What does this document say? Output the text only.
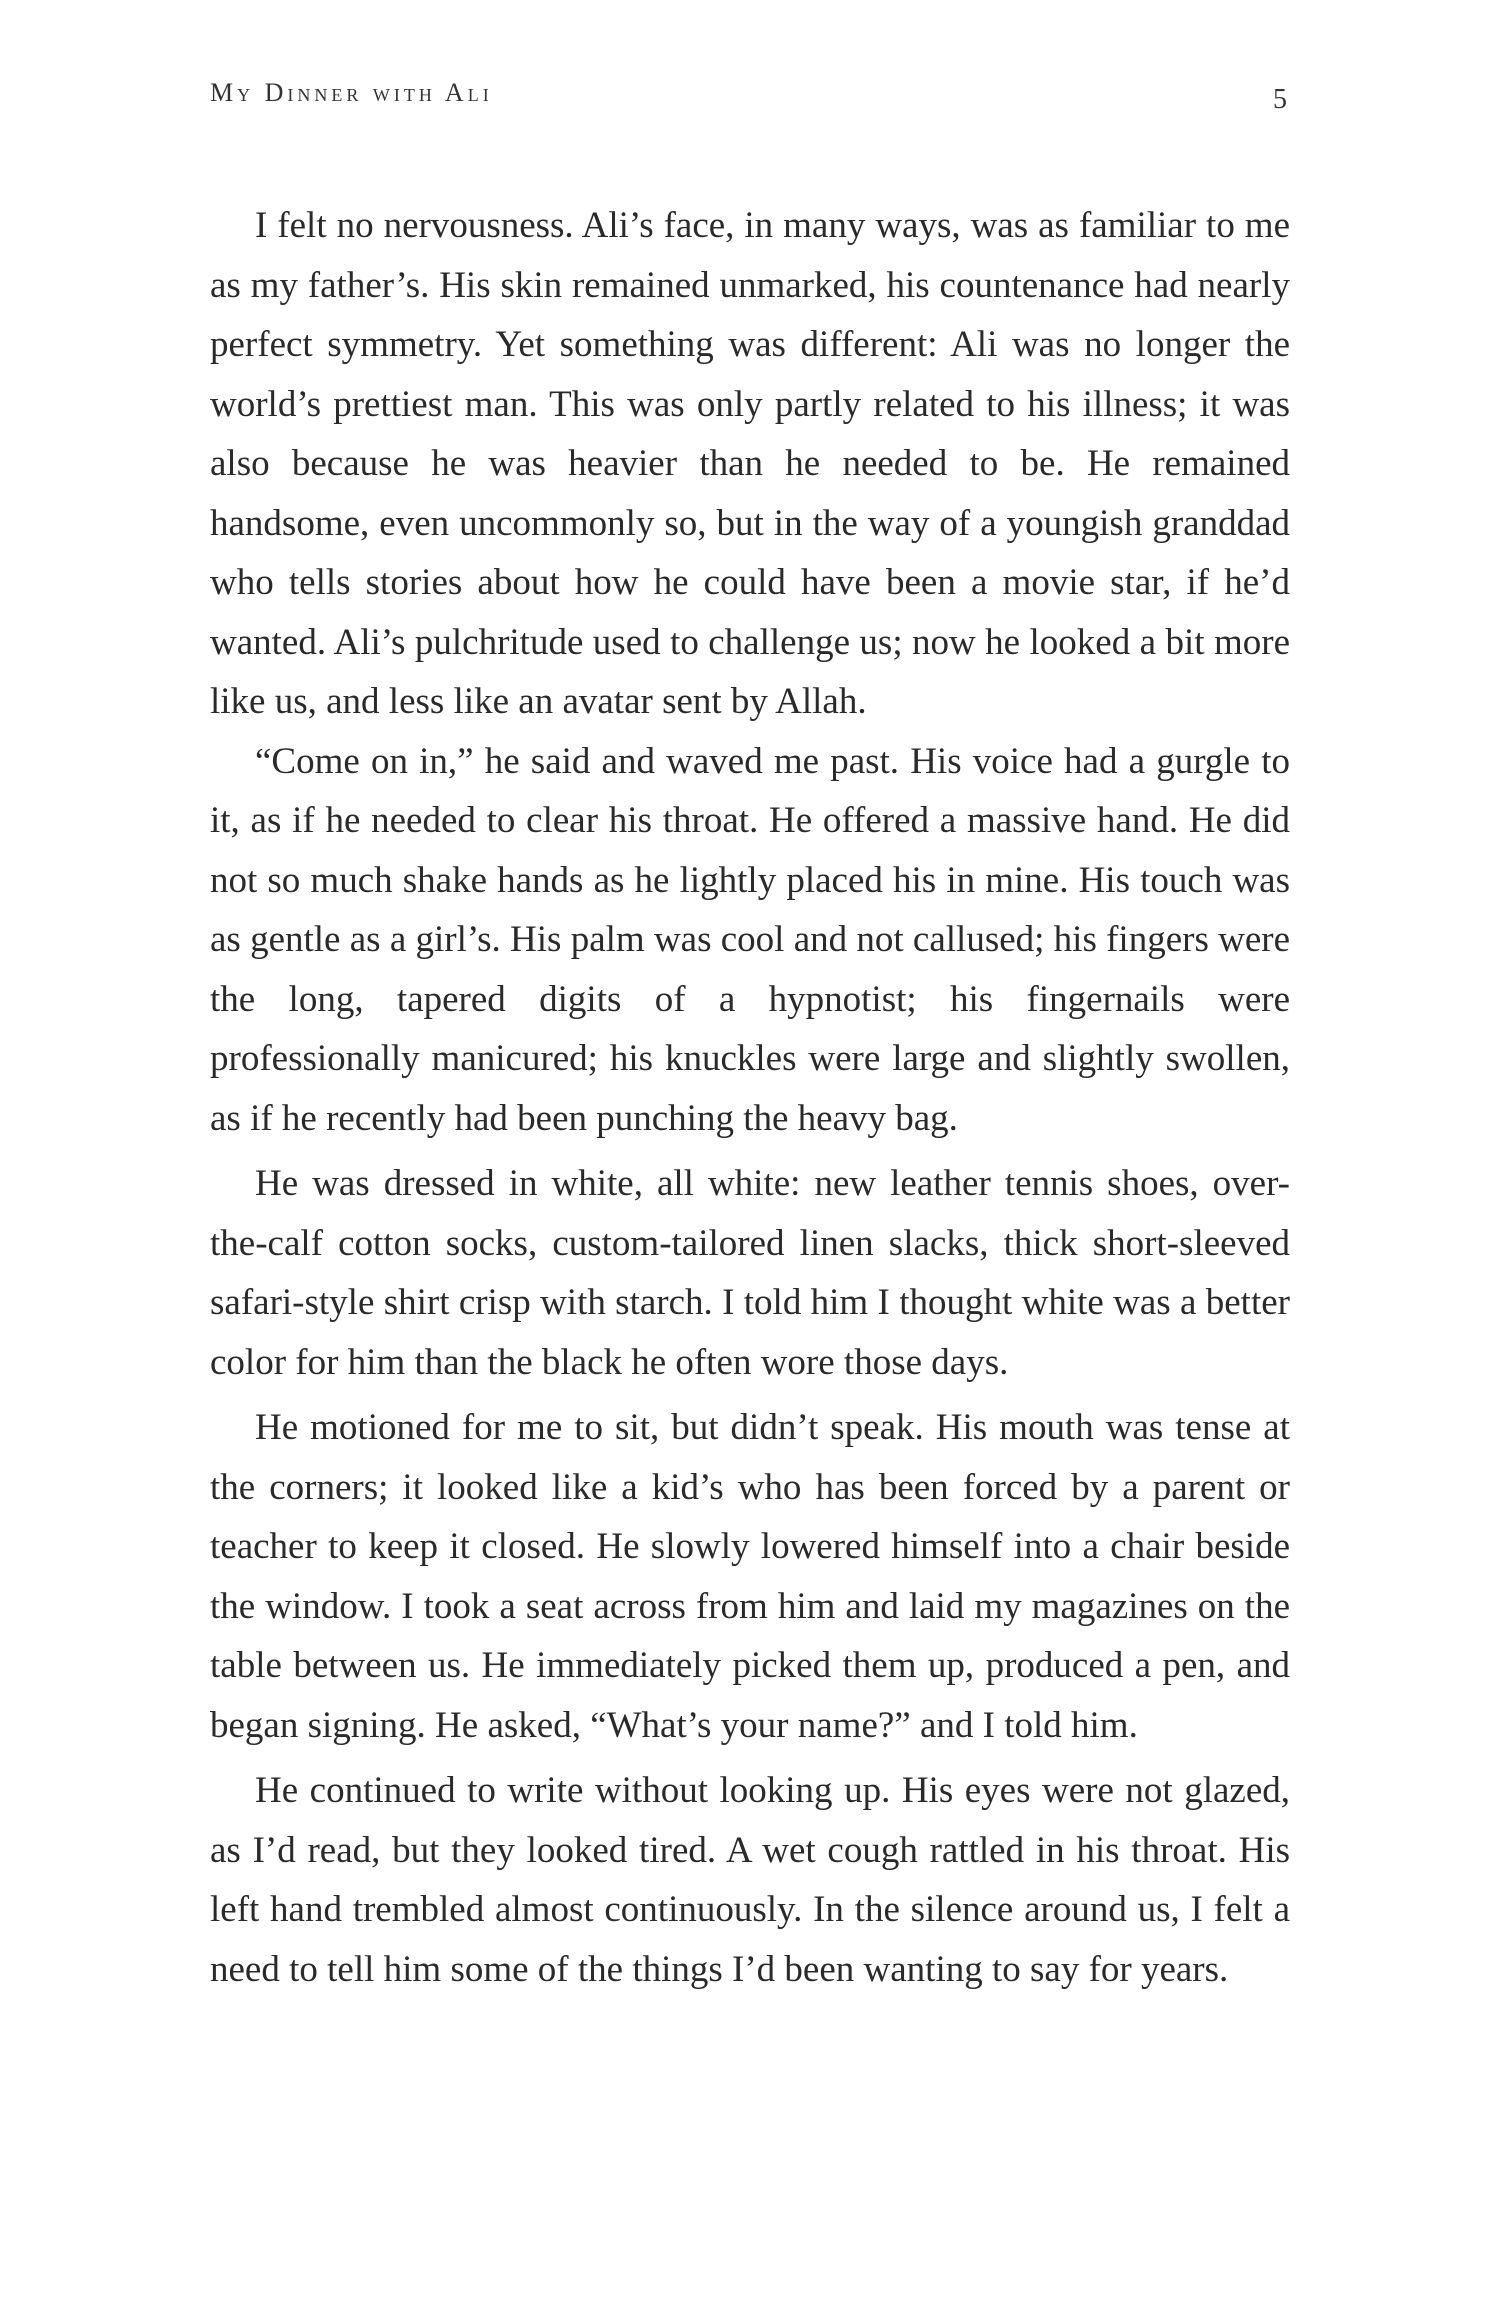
My Dinner with Ali	5

I felt no nervousness. Ali’s face, in many ways, was as familiar to me as my father’s. His skin remained unmarked, his countenance had nearly perfect symmetry. Yet something was different: Ali was no longer the world’s prettiest man. This was only partly related to his illness; it was also because he was heavier than he needed to be. He remained handsome, even uncommonly so, but in the way of a youngish granddad who tells stories about how he could have been a movie star, if he’d wanted. Ali’s pulchritude used to challenge us; now he looked a bit more like us, and less like an avatar sent by Allah.

“Come on in,” he said and waved me past. His voice had a gurgle to it, as if he needed to clear his throat. He offered a massive hand. He did not so much shake hands as he lightly placed his in mine. His touch was as gentle as a girl’s. His palm was cool and not callused; his fingers were the long, tapered digits of a hypnotist; his fingernails were professionally manicured; his knuckles were large and slightly swollen, as if he recently had been punching the heavy bag.

He was dressed in white, all white: new leather tennis shoes, over-the-calf cotton socks, custom-tailored linen slacks, thick short-sleeved safari-style shirt crisp with starch. I told him I thought white was a better color for him than the black he often wore those days.

He motioned for me to sit, but didn’t speak. His mouth was tense at the corners; it looked like a kid’s who has been forced by a parent or teacher to keep it closed. He slowly lowered himself into a chair beside the window. I took a seat across from him and laid my magazines on the table between us. He immediately picked them up, produced a pen, and began signing. He asked, “What’s your name?” and I told him.

He continued to write without looking up. His eyes were not glazed, as I’d read, but they looked tired. A wet cough rattled in his throat. His left hand trembled almost continuously. In the silence around us, I felt a need to tell him some of the things I’d been wanting to say for years.
